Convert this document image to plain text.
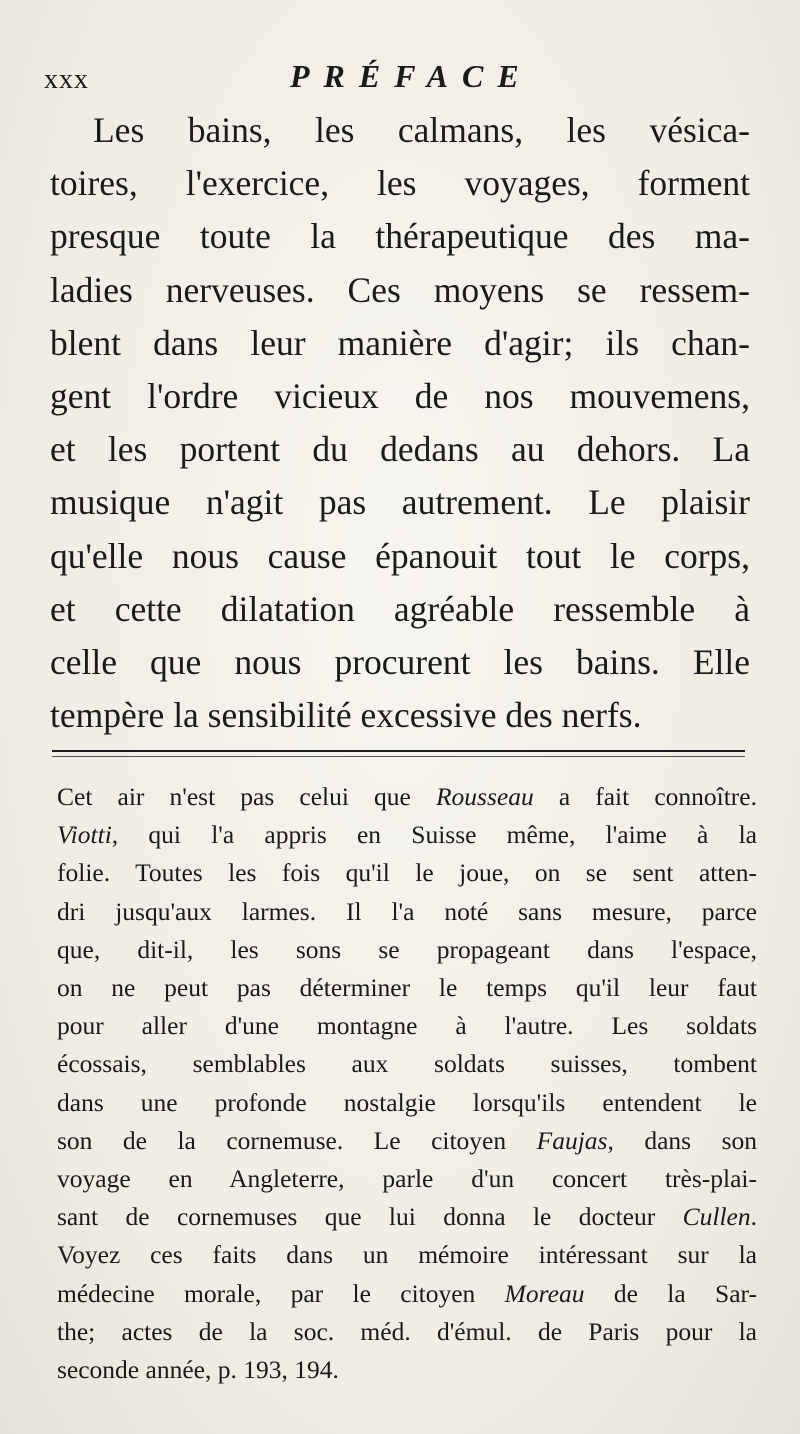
xxx	PRÉFACE
Les bains, les calmans, les vésica-
toires, l'exercice, les voyages, forment
presque toute la thérapeutique des ma-
ladies nerveuses. Ces moyens se ressem-
blent dans leur manière d'agir; ils chan-
gent l'ordre vicieux de nos mouvemens,
et les portent du dedans au dehors. La
musique n'agit pas autrement. Le plaisir
qu'elle nous cause épanouit tout le corps,
et cette dilatation agréable ressemble à
celle que nous procurent les bains. Elle
tempère la sensibilité excessive des nerfs.
Cet air n'est pas celui que Rousseau a fait connoître.
Viotti, qui l'a appris en Suisse même, l'aime à la
folie. Toutes les fois qu'il le joue, on se sent atten-
dri jusqu'aux larmes. Il l'a noté sans mesure, parce
que, dit-il, les sons se propageant dans l'espace,
on ne peut pas déterminer le temps qu'il leur faut
pour aller d'une montagne à l'autre. Les soldats
écossais, semblables aux soldats suisses, tombent
dans une profonde nostalgie lorsqu'ils entendent le
son de la cornemuse. Le citoyen Faujas, dans son
voyage en Angleterre, parle d'un concert très-plai-
sant de cornemuses que lui donna le docteur Cullen.
Voyez ces faits dans un mémoire intéressant sur la
médecine morale, par le citoyen Moreau de la Sar-
the; actes de la soc. méd. d'émul. de Paris pour la
seconde année, p. 193, 194.
